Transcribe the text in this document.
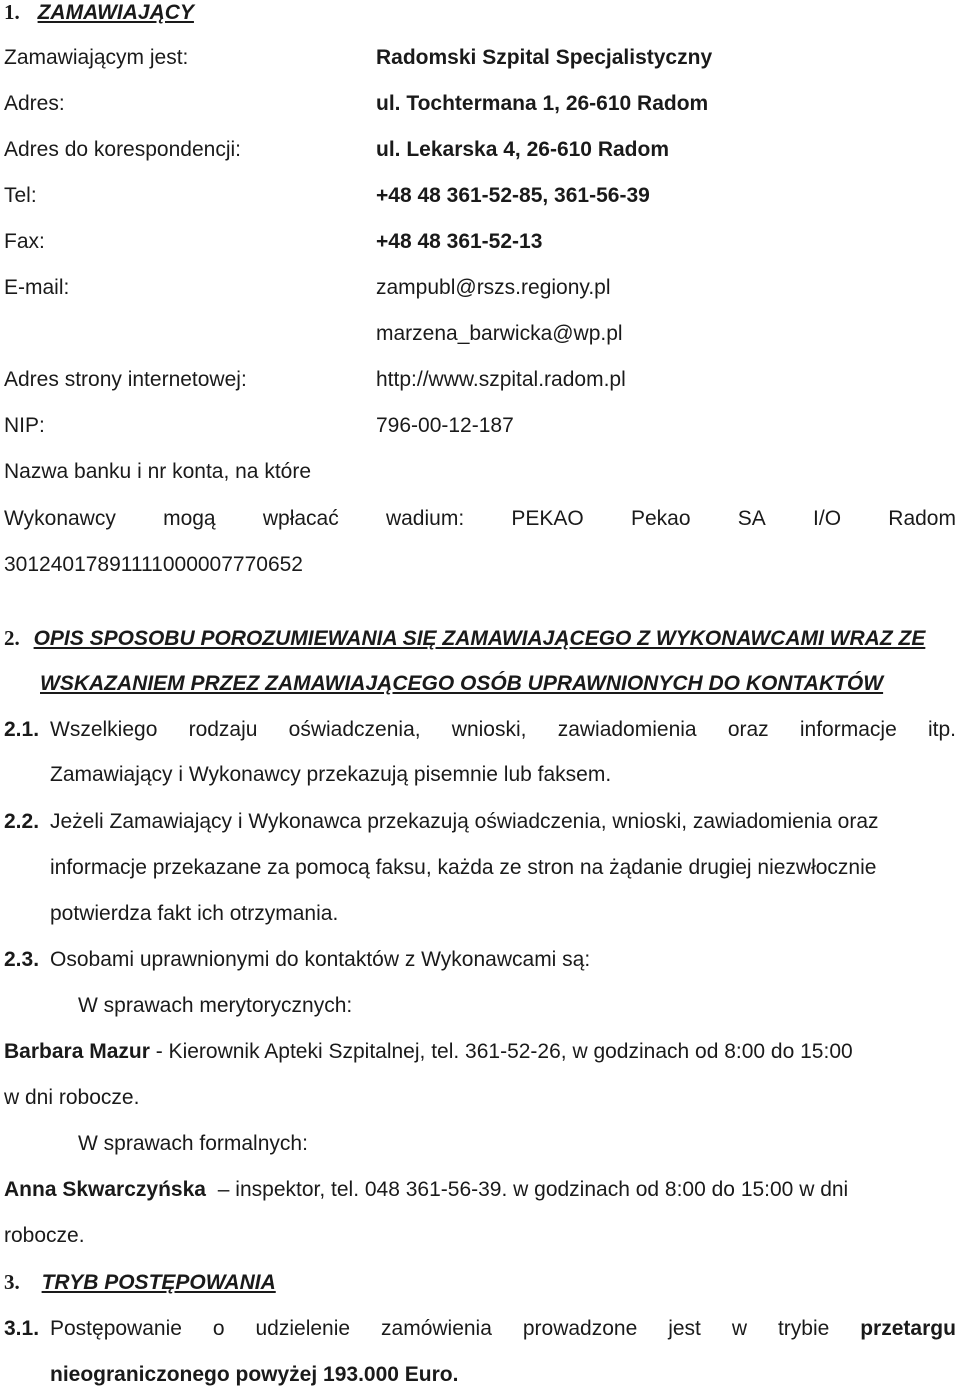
1. ZAMAWIAJĄCY
Zamawiającym jest:	Radomski Szpital Specjalistyczny
Adres:	ul. Tochtermana 1, 26-610 Radom
Adres do korespondencji:	ul. Lekarska 4, 26-610 Radom
Tel:	+48 48 361-52-85, 361-56-39
Fax:	+48 48 361-52-13
E-mail:	zampubl@rszs.regiony.pl
marzena_barwicka@wp.pl
Adres strony internetowej:	http://www.szpital.radom.pl
NIP:	796-00-12-187
Nazwa banku i nr konta, na które
Wykonawcy mogą wpłacać wadium: PEKAO Pekao SA I/O Radom
30124017891111000007770652
2. OPIS SPOSOBU POROZUMIEWANIA SIĘ ZAMAWIAJĄCEGO Z WYKONAWCAMI WRAZ ZE
WSKAZANIEM PRZEZ ZAMAWIAJĄCEGO OSÓB UPRAWNIONYCH DO KONTAKTÓW
2.1. Wszelkiego rodzaju oświadczenia, wnioski, zawiadomienia oraz informacje itp.
Zamawiający i Wykonawcy przekazują pisemnie lub faksem.
2.2. Jeżeli Zamawiający i Wykonawca przekazują oświadczenia, wnioski, zawiadomienia oraz
informacje przekazane za pomocą faksu, każda ze stron na żądanie drugiej niezwłocznie
potwierdza fakt ich otrzymania.
2.3. Osobami uprawnionymi do kontaktów z Wykonawcami są:
W sprawach merytorycznych:
Barbara Mazur - Kierownik Apteki Szpitalnej, tel. 361-52-26, w godzinach od 8:00 do 15:00
w dni robocze.
W sprawach formalnych:
Anna Skwarczyńska – inspektor, tel. 048 361-56-39. w godzinach od 8:00 do 15:00 w dni
robocze.
3. TRYB POSTĘPOWANIA
3.1. Postępowanie o udzielenie zamówienia prowadzone jest w trybie przetargu
nieograniczonego powyżej 193.000 Euro.
